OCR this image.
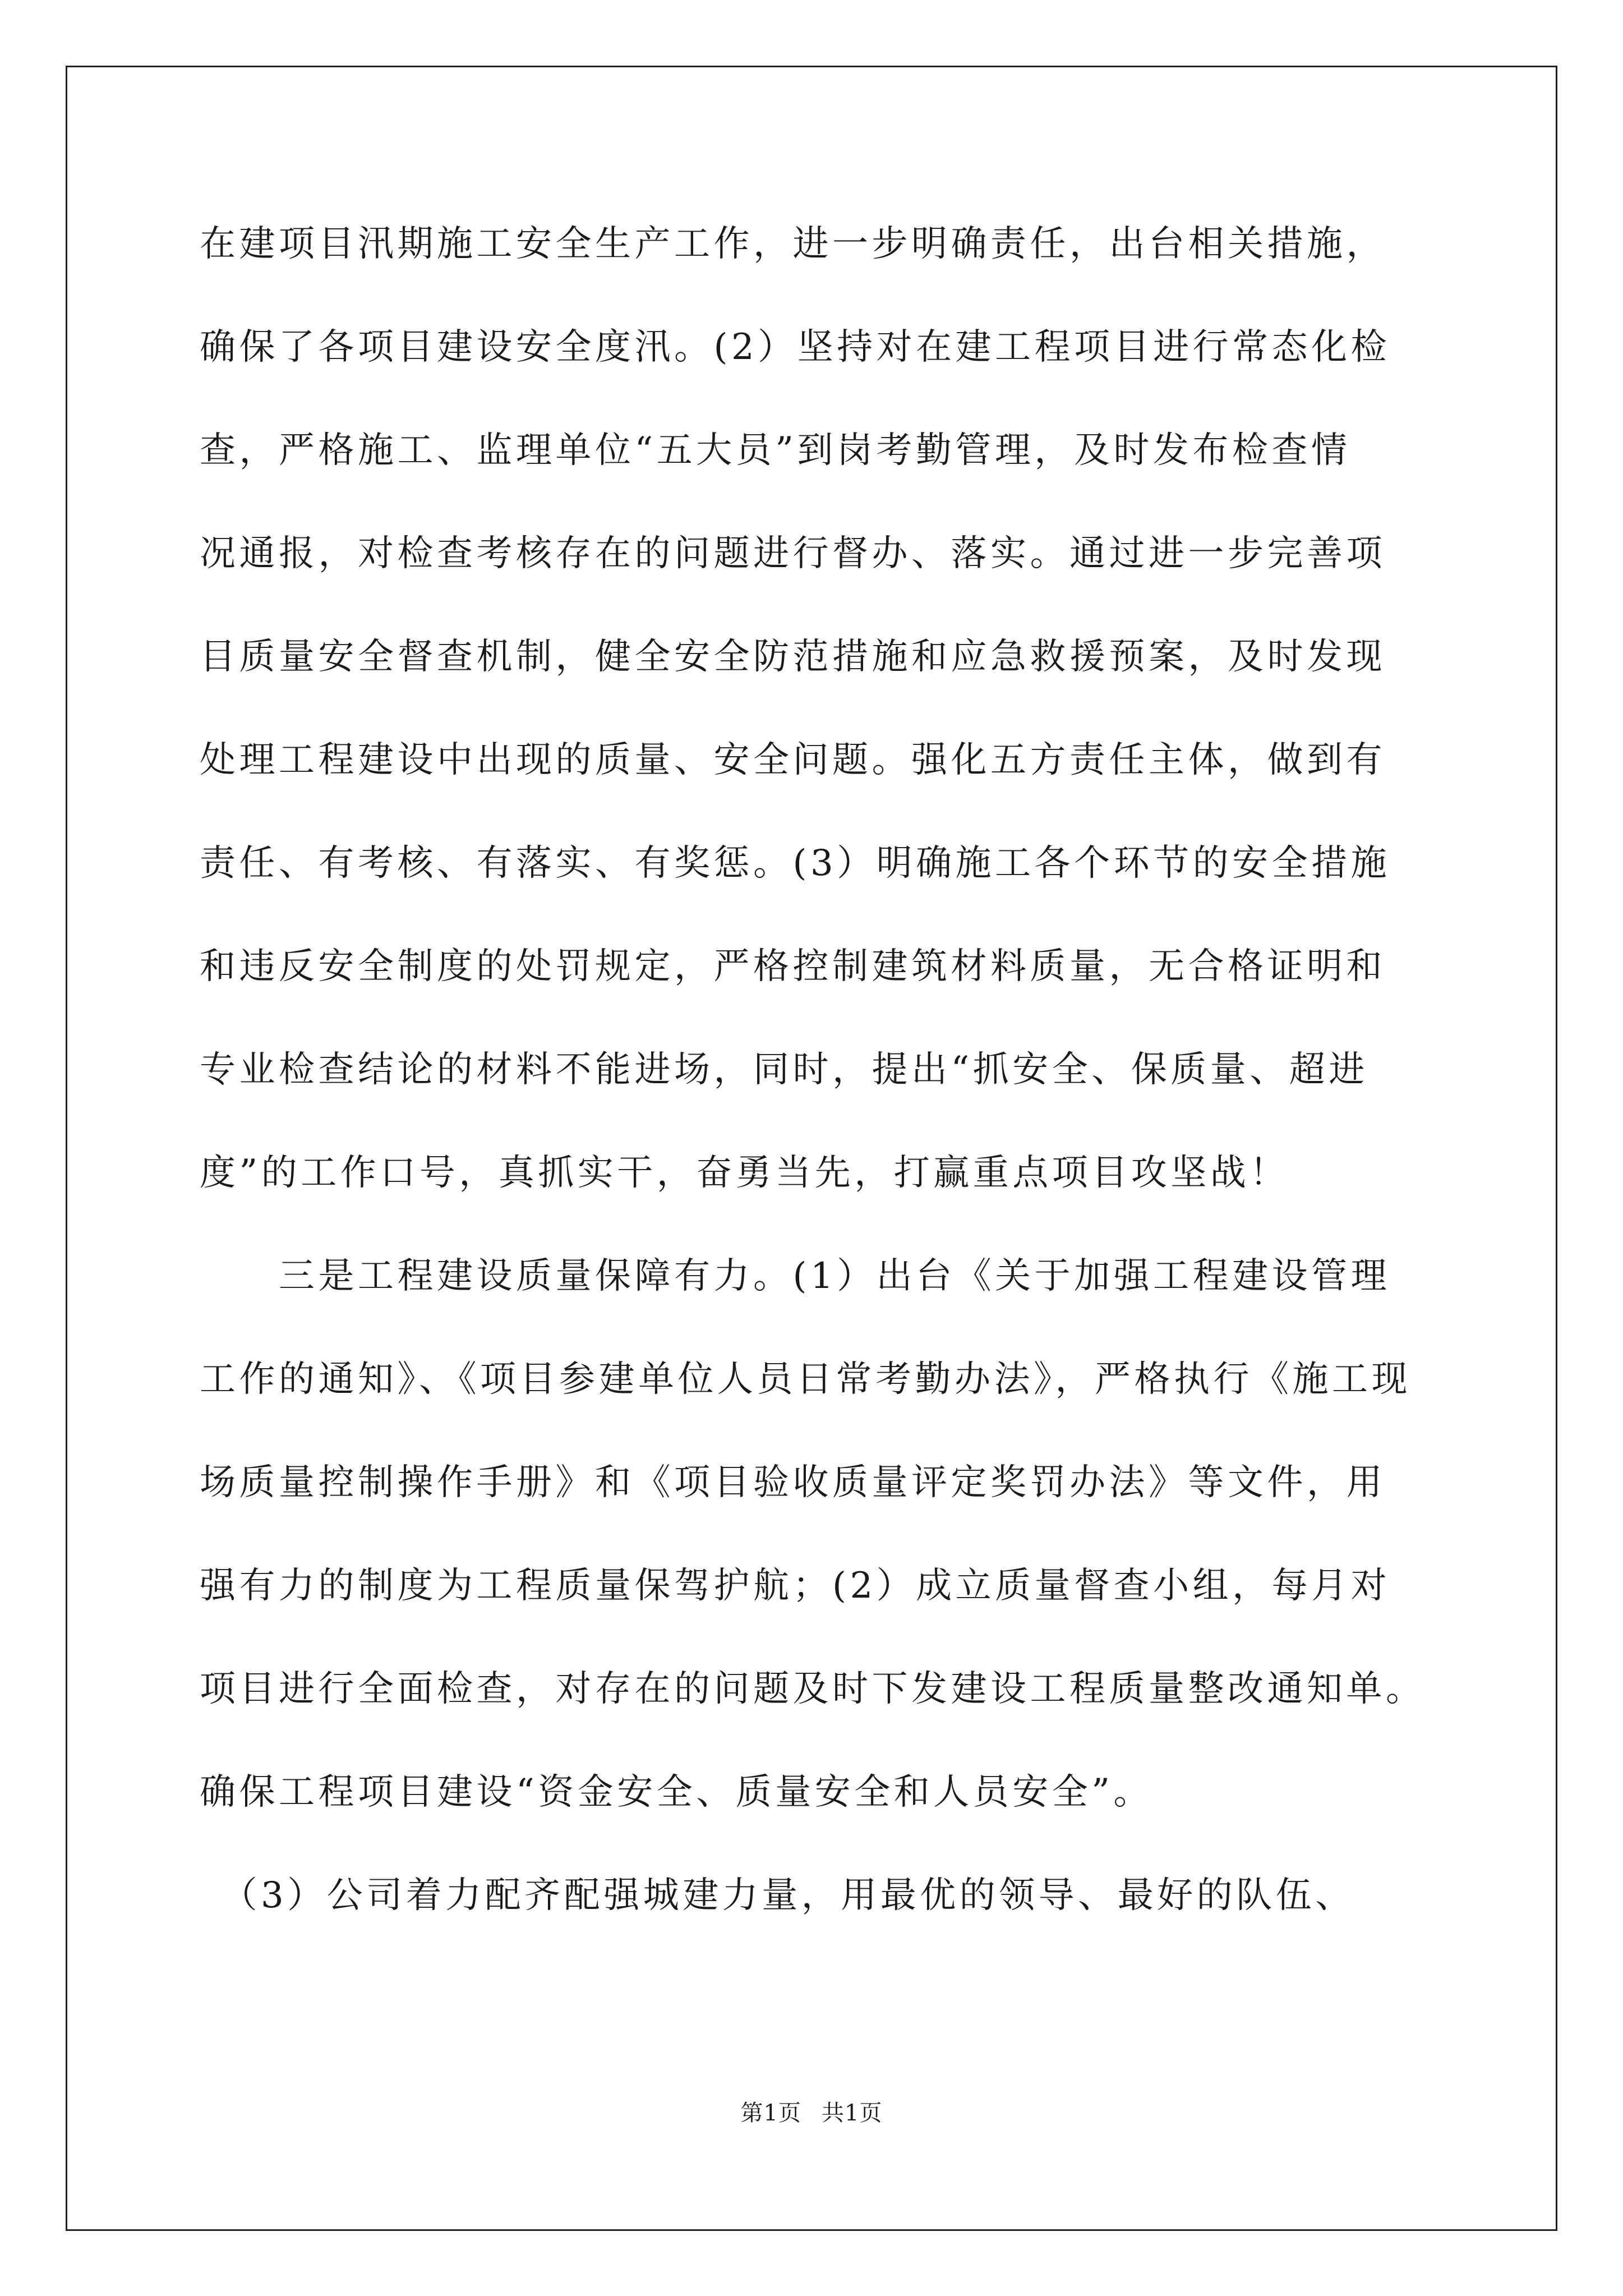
在建项目汛期施工安全生产工作，进一步明确责任，出台相关措施，
确保了各项目建设安全度汛。(2）坚持对在建工程项目进行常态化检
查，严格施工、监理单位“五大员”到岗考勤管理，及时发布检查情
况通报，对检查考核存在的问题进行督办、落实。通过进一步完善项
目质量安全督查机制，健全安全防范措施和应急救援预案，及时发现
处理工程建设中出现的质量、安全问题。强化五方责任主体，做到有
责任、有考核、有落实、有奖惩。(3）明确施工各个环节的安全措施
和违反安全制度的处罚规定，严格控制建筑材料质量，无合格证明和
专业检查结论的材料不能进场，同时，提出“抓安全、保质量、超进
度”的工作口号，真抓实干，奋勇当先，打赢重点项目攻坚战！
　　三是工程建设质量保障有力。(1）出台《关于加强工程建设管理
工作的通知》、《项目参建单位人员日常考勤办法》，严格执行《施工现
场质量控制操作手册》和《项目验收质量评定奖罚办法》等文件，用
强有力的制度为工程质量保驾护航；(2）成立质量督查小组，每月对
项目进行全面检查，对存在的问题及时下发建设工程质量整改通知单。
确保工程项目建设“资金安全、质量安全和人员安全”。
　（3）公司着力配齐配强城建力量，用最优的领导、最好的队伍、
第1页 共1页
